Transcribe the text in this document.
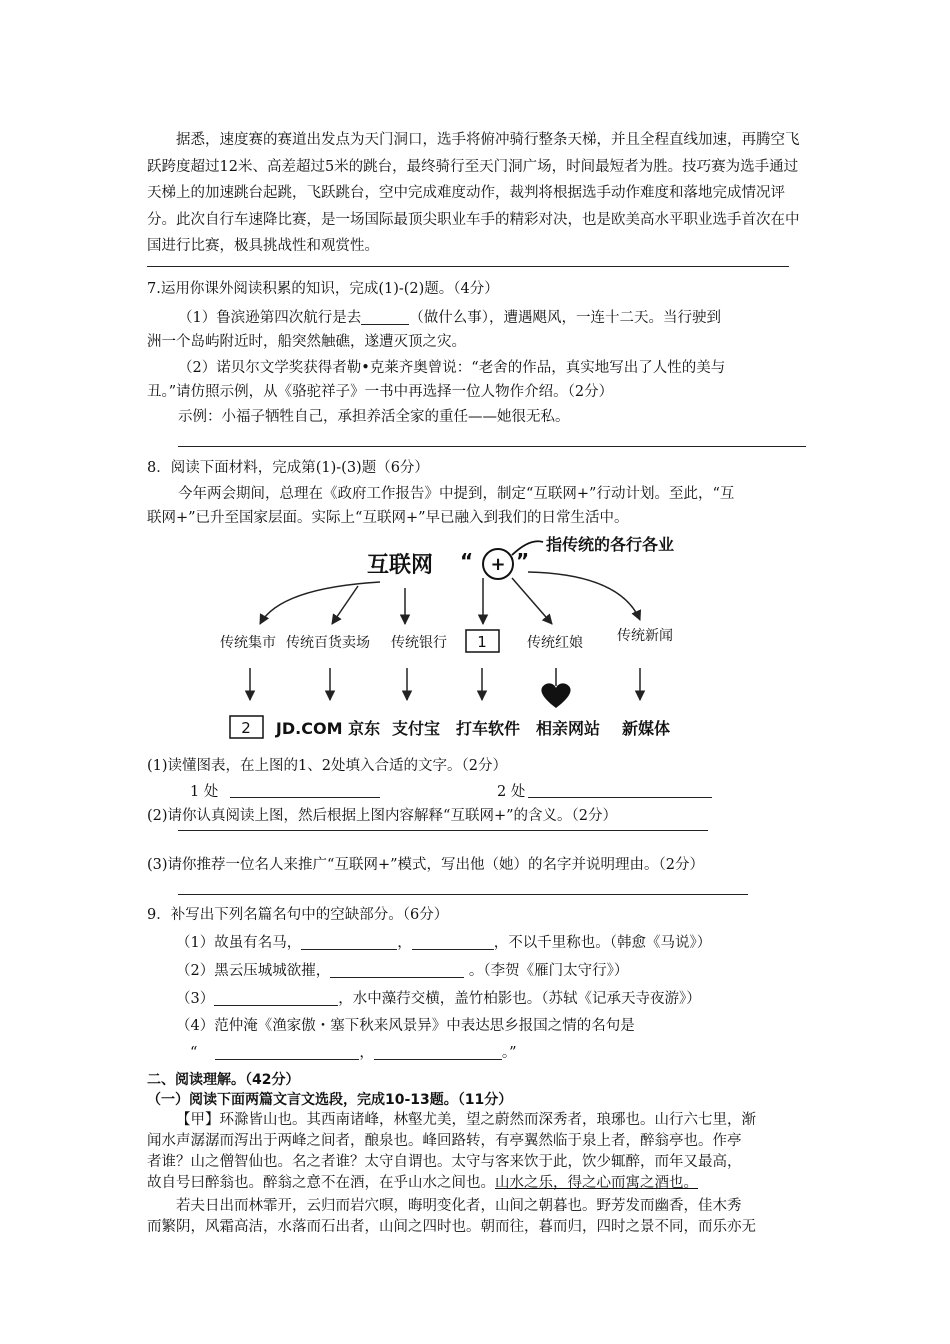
据悉，速度赛的赛道出发点为天门洞口，选手将俯冲骑行整条天梯，并且全程直线加速，再腾空飞跃跨度超过12米、高差超过5米的跳台，最终骑行至天门洞广场，时间最短者为胜。技巧赛为选手通过天梯上的加速跳台起跳，飞跃跳台，空中完成难度动作，裁判将根据选手动作难度和落地完成情况评分。此次自行车速降比赛，是一场国际最顶尖职业车手的精彩对决，也是欧美高水平职业选手首次在中国进行比赛，极具挑战性和观赏性。
7.运用你课外阅读积累的知识，完成(1)-(2)题。（4分）
（1）鲁滨逊第四次航行是去	（做什么事），遭遇飓风，一连十二天。当行驶到
洲一个岛屿附近时，船突然触礁，遂遭灭顶之灾。
（2）诺贝尔文学奖获得者勒•克莱齐奥曾说：“老舍的作品，真实地写出了人性的美与
丑。”请仿照示例，从《骆驼祥子》一书中再选择一位人物作介绍。（2分）
示例：小福子牺牲自己，承担养活全家的重任——她很无私。
8．阅读下面材料，完成第(1)-(3)题（6分）
今年两会期间，总理在《政府工作报告》中提到，制定“互联网+”行动计划。至此，“互
联网+”已升至国家层面。实际上“互联网+”早已融入到我们的日常生活中。
互联网 “ + ”
指传统的各行各业
传统集市 传统百货卖场 传统银行 1	传统红娘 传统新闻
2 JD.COM 京东 支付宝 打车软件 相亲网站 新媒体
(1)读懂图表，在上图的1、2处填入合适的文字。（2分）
1 处	2 处
(2)请你认真阅读上图，然后根据上图内容解释“互联网+”的含义。（2分）
(3)请你推荐一位名人来推广“互联网+”模式，写出他（她）的名字并说明理由。（2分）
9．补写出下列名篇名句中的空缺部分。（6分）
（1）故虽有名马，	，	，不以千里称也。（韩愈《马说》）
（2）黑云压城城欲摧，	。（李贺《雁门太守行》）
（3）	，水中藻荇交横，盖竹柏影也。（苏轼《记承天寺夜游》）
（4）范仲淹《渔家傲・塞下秋来风景异》中表达思乡报国之情的名句是
“	，	。”
二、阅读理解。（42分）
（一）阅读下面两篇文言文选段，完成10-13题。（11分）
【甲】环滁皆山也。其西南诸峰，林壑尤美，望之蔚然而深秀者，琅琊也。山行六七里，渐
闻水声潺潺而泻出于两峰之间者，酿泉也。峰回路转，有亭翼然临于泉上者，醉翁亭也。作亭
者谁？山之僧智仙也。名之者谁？太守自谓也。太守与客来饮于此，饮少辄醉，而年又最高，
故自号曰醉翁也。醉翁之意不在酒，在乎山水之间也。山水之乐，得之心而寓之酒也。
若夫日出而林霏开，云归而岩穴暝，晦明变化者，山间之朝暮也。野芳发而幽香，佳木秀
而繁阴，风霜高洁，水落而石出者，山间之四时也。朝而往，暮而归，四时之景不同，而乐亦无
